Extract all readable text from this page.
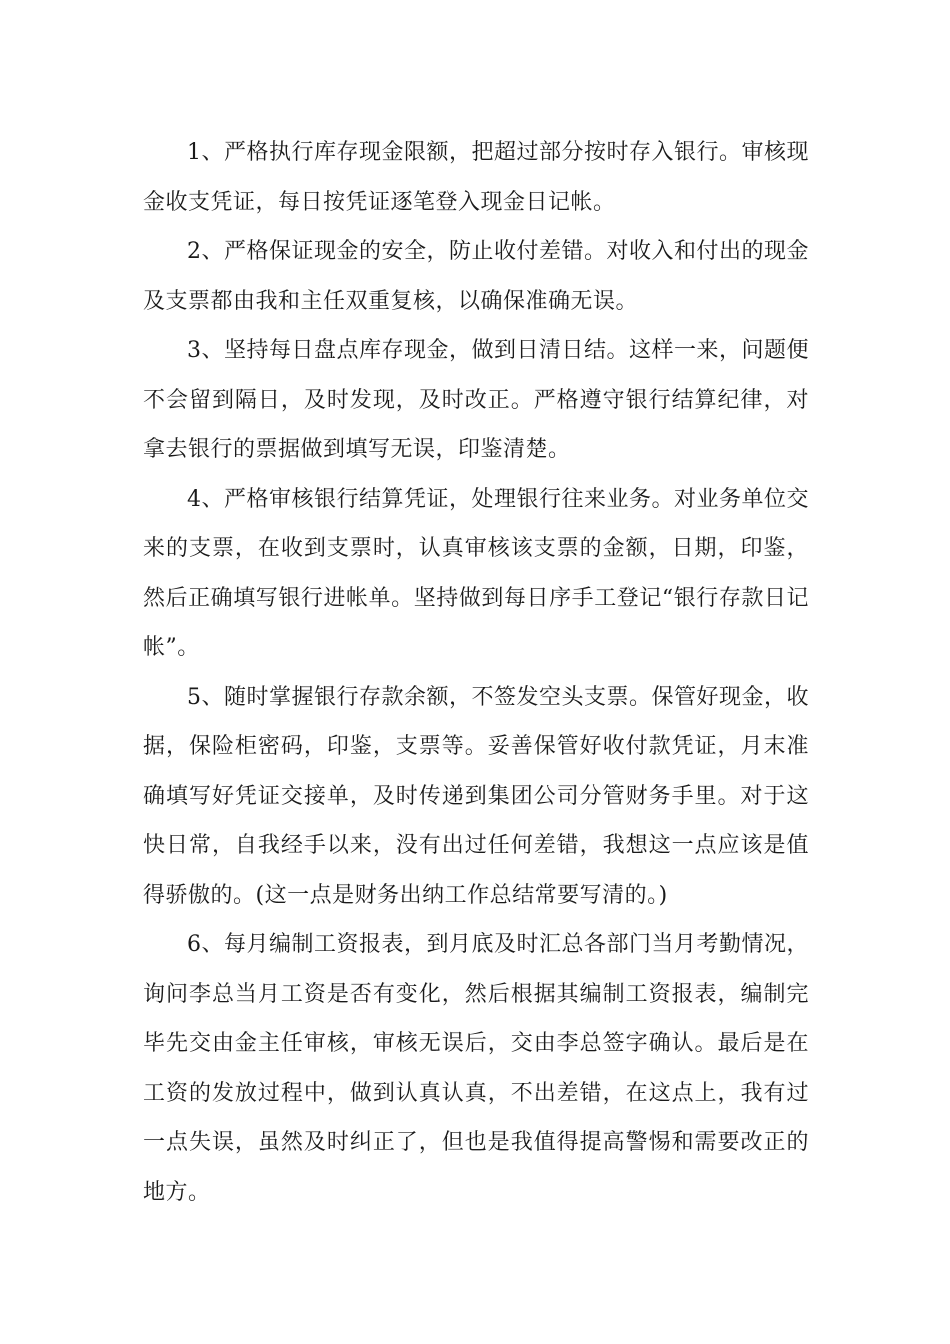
1、严格执行库存现金限额，把超过部分按时存入银行。审核现金收支凭证，每日按凭证逐笔登入现金日记帐。

2、严格保证现金的安全，防止收付差错。对收入和付出的现金及支票都由我和主任双重复核，以确保准确无误。

3、坚持每日盘点库存现金，做到日清日结。这样一来，问题便不会留到隔日，及时发现，及时改正。严格遵守银行结算纪律，对拿去银行的票据做到填写无误，印鉴清楚。

4、严格审核银行结算凭证，处理银行往来业务。对业务单位交来的支票，在收到支票时，认真审核该支票的金额，日期，印鉴，然后正确填写银行进帐单。坚持做到每日序手工登记“银行存款日记帐”。

5、随时掌握银行存款余额，不签发空头支票。保管好现金，收据，保险柜密码，印鉴，支票等。妥善保管好收付款凭证，月末准确填写好凭证交接单，及时传递到集团公司分管财务手里。对于这快日常，自我经手以来，没有出过任何差错，我想这一点应该是值得骄傲的。(这一点是财务出纳工作总结常要写清的。)

6、每月编制工资报表，到月底及时汇总各部门当月考勤情况，询问李总当月工资是否有变化，然后根据其编制工资报表，编制完毕先交由金主任审核，审核无误后，交由李总签字确认。最后是在工资的发放过程中，做到认真认真，不出差错，在这点上，我有过一点失误，虽然及时纠正了，但也是我值得提高警惕和需要改正的地方。
